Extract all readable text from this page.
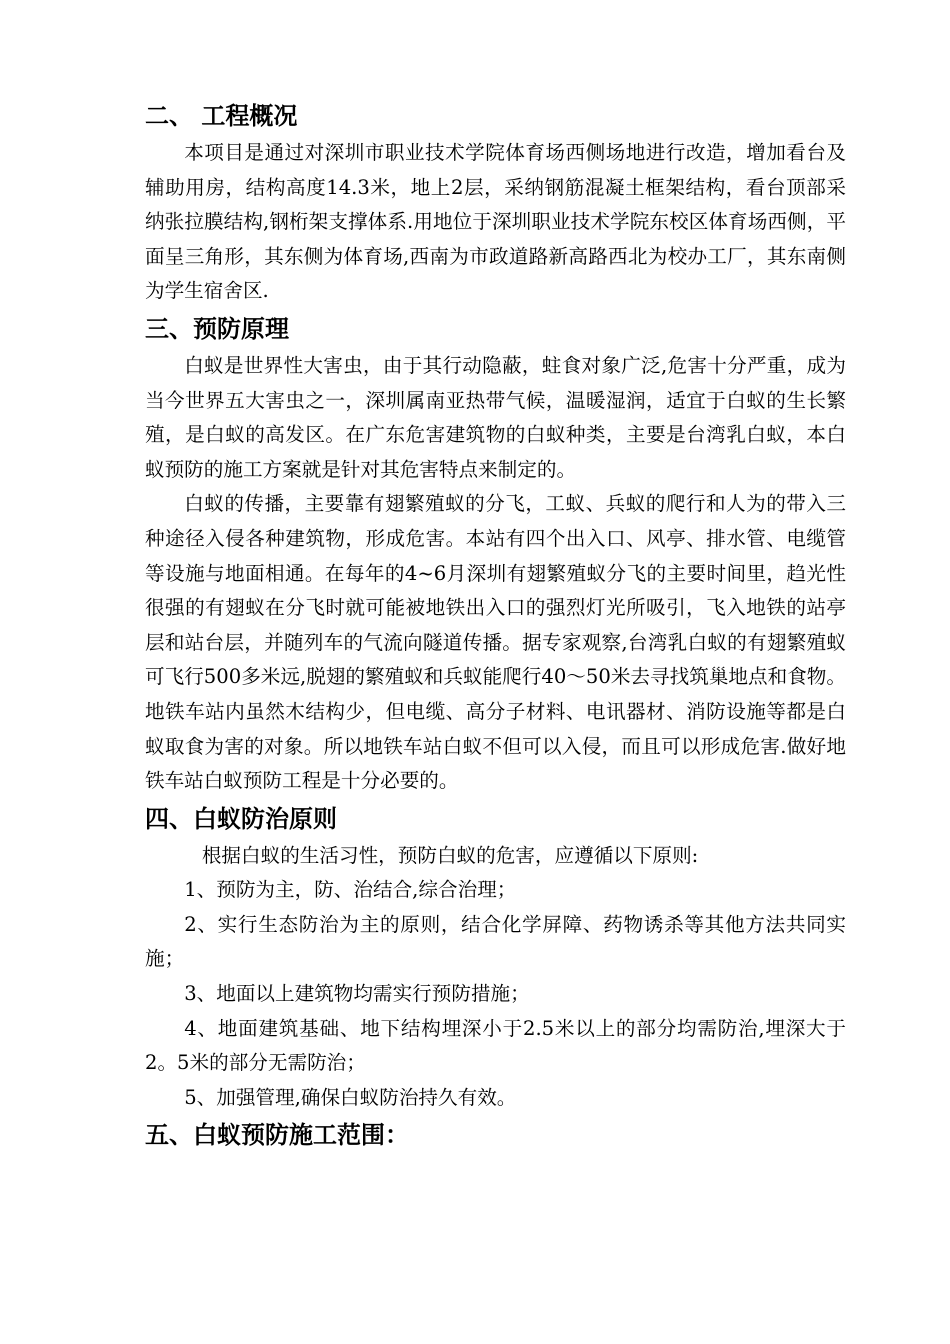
二、 工程概况

本项目是通过对深圳市职业技术学院体育场西侧场地进行改造，增加看台及辅助用房，结构高度14.3米，地上2层，采纳钢筋混凝土框架结构，看台顶部采纳张拉膜结构,钢桁架支撑体系.用地位于深圳职业技术学院东校区体育场西侧，平面呈三角形，其东侧为体育场,西南为市政道路新高路西北为校办工厂，其东南侧为学生宿舍区.

三、预防原理

白蚁是世界性大害虫，由于其行动隐蔽，蛀食对象广泛,危害十分严重，成为当今世界五大害虫之一，深圳属南亚热带气候，温暖湿润，适宜于白蚁的生长繁殖，是白蚁的高发区。在广东危害建筑物的白蚁种类，主要是台湾乳白蚁，本白蚁预防的施工方案就是针对其危害特点来制定的。

白蚁的传播，主要靠有翅繁殖蚁的分飞，工蚁、兵蚁的爬行和人为的带入三种途径入侵各种建筑物，形成危害。本站有四个出入口、风亭、排水管、电缆管等设施与地面相通。在每年的4~6月深圳有翅繁殖蚁分飞的主要时间里，趋光性很强的有翅蚁在分飞时就可能被地铁出入口的强烈灯光所吸引，飞入地铁的站亭层和站台层，并随列车的气流向隧道传播。据专家观察,台湾乳白蚁的有翅繁殖蚁可飞行500多米远,脱翅的繁殖蚁和兵蚁能爬行40～50米去寻找筑巢地点和食物。地铁车站内虽然木结构少，但电缆、高分子材料、电讯器材、消防设施等都是白蚁取食为害的对象。所以地铁车站白蚁不但可以入侵，而且可以形成危害.做好地铁车站白蚁预防工程是十分必要的。

四、白蚁防治原则

根据白蚁的生活习性，预防白蚁的危害，应遵循以下原则:

1、预防为主，防、治结合,综合治理；

2、实行生态防治为主的原则，结合化学屏障、药物诱杀等其他方法共同实施；

3、地面以上建筑物均需实行预防措施；

4、地面建筑基础、地下结构埋深小于2.5米以上的部分均需防治,埋深大于2。5米的部分无需防治；

5、加强管理,确保白蚁防治持久有效。

五、白蚁预防施工范围：
